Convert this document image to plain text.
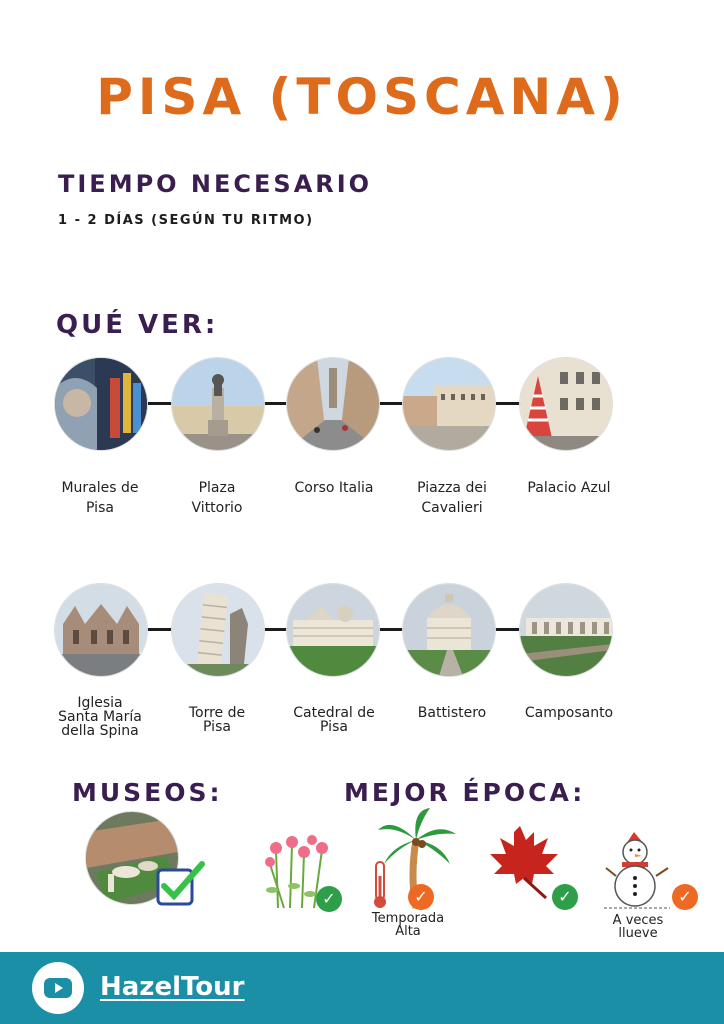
PISA (TOSCANA)
TIEMPO NECESARIO
1 - 2 DÍAS (SEGÚN TU RITMO)
QUÉ VER:
Murales de
Pisa
Plaza
Vittorio
Corso Italia	Piazza dei
Cavalieri
Palacio Azul
Iglesia
Santa María
della Spina
Torre de
Pisa
Catedral de
Pisa
Battistero	Camposanto
MUSEOS:	MEJOR ÉPOCA:
✓	✓
Temporada
Alta
✓	✓
A veces
llueve
HazelTour
